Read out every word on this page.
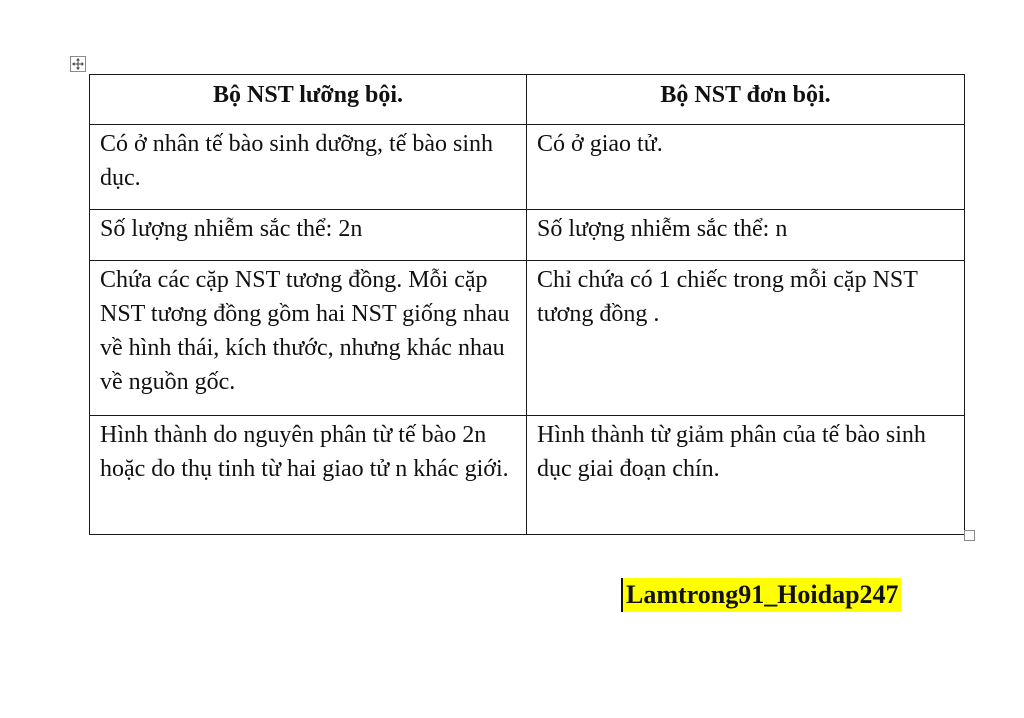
Bộ NST lưỡng bội.	Bộ NST đơn bội.

Có ở nhân tế bào sinh dưỡng, tế bào sinh dục.	Có ở giao tử.

Số lượng nhiễm sắc thể: 2n	Số lượng nhiễm sắc thể: n

Chứa các cặp NST tương đồng. Mỗi cặp NST tương đồng gồm hai NST giống nhau về hình thái, kích thước, nhưng khác nhau về nguồn gốc.	Chỉ chứa có 1 chiếc trong mỗi cặp NST tương đồng .

Hình thành do nguyên phân từ tế bào 2n hoặc do thụ tinh từ hai giao tử n khác giới.	Hình thành từ giảm phân của tế bào sinh dục giai đoạn chín.
Lamtrong91_Hoidap247
